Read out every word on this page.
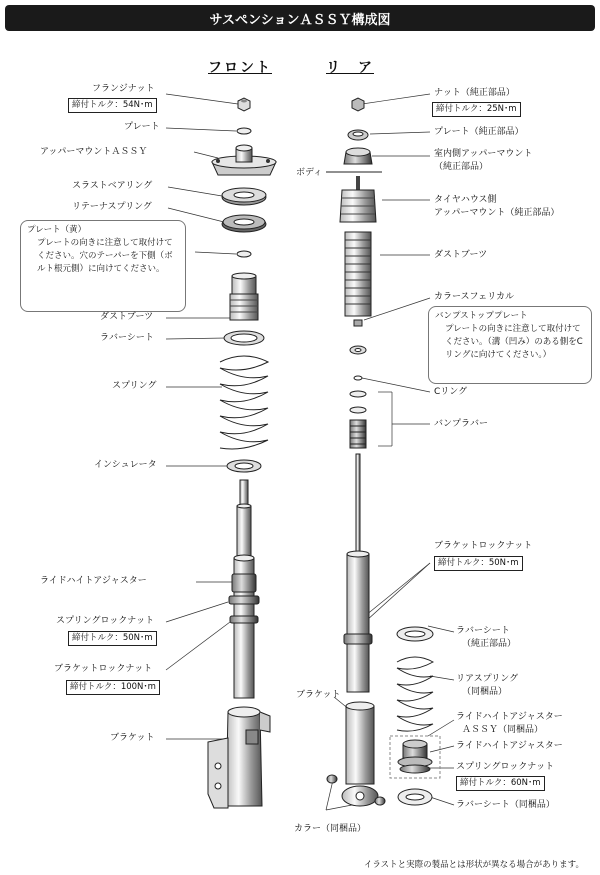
サスペンションＡＳＳＹ構成図
フロント	リ　ア
フランジナット
締付トルク：54N･m
プレート
アッパーマウントＡＳＳＹ
スラストベアリング
リテーナスプリング
プレート（黄）
プレートの向きに注意して取付けてください。穴のテーパーを下側（ボルト根元側）に向けてください。
ダストブーツ
ラバーシート
スプリング
インシュレータ
ライドハイトアジャスター
スプリングロックナット
締付トルク：50N･m
ブラケットロックナット
締付トルク：100N･m
ブラケット
ナット（純正部品）
締付トルク：25N･m
プレート（純正部品）
室内側アッパーマウント
（純正部品）
ボディ
タイヤハウス側
アッパーマウント（純正部品）
ダストブーツ
カラースフェリカル
バンプストッププレート
プレートの向きに注意して取付けてください。（溝（凹み）のある側をCリングに向けてください。）
Cリング
バンプラバー
ブラケットロックナット
締付トルク：50N･m
ラバーシート
（純正部品）
リアスプリング
（同梱品）
ブラケット
ライドハイトアジャスター
ＡＳＳＹ（同梱品）
ライドハイトアジャスター
スプリングロックナット
締付トルク：60N･m
ラバーシート（同梱品）
カラー（同梱品）
イラストと実際の製品とは形状が異なる場合があります。
